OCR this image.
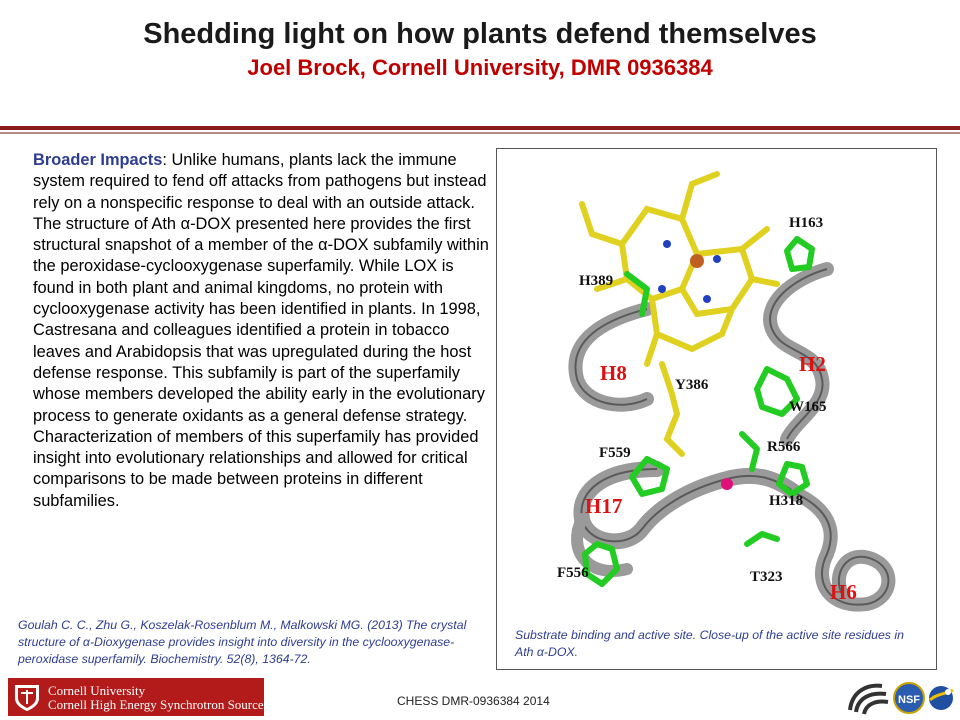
Shedding light on how plants defend themselves
Joel Brock, Cornell University, DMR 0936384
Broader Impacts: Unlike humans, plants lack the immune system required to fend off attacks from pathogens but instead rely on a nonspecific response to deal with an outside attack. The structure of Ath α-DOX presented here provides the first structural snapshot of a member of the α-DOX subfamily within the peroxidase-cyclooxygenase superfamily. While LOX is found in both plant and animal kingdoms, no protein with cyclooxygenase activity has been identified in plants. In 1998, Castresana and colleagues identified a protein in tobacco leaves and Arabidopsis that was upregulated during the host defense response. This subfamily is part of the superfamily whose members developed the ability early in the evolutionary process to generate oxidants as a general defense strategy. Characterization of members of this superfamily has provided insight into evolutionary relationships and allowed for critical comparisons to be made between proteins in different subfamilies.
Goulah C. C., Zhu G., Koszelak-Rosenblum M., Malkowski MG. (2013) The crystal structure of α-Dioxygenase provides insight into diversity in the cyclooxygenase-peroxidase superfamily. Biochemistry. 52(8), 1364-72.
H163
H389
Y386
W165
F559	R566
H318
F556	T323
H2
H8
H17
H6
Substrate binding and active site. Close-up of the active site residues in Ath α-DOX.
Cornell University
Cornell High Energy Synchrotron Source	CHESS DMR-0936384 2014	NSF
